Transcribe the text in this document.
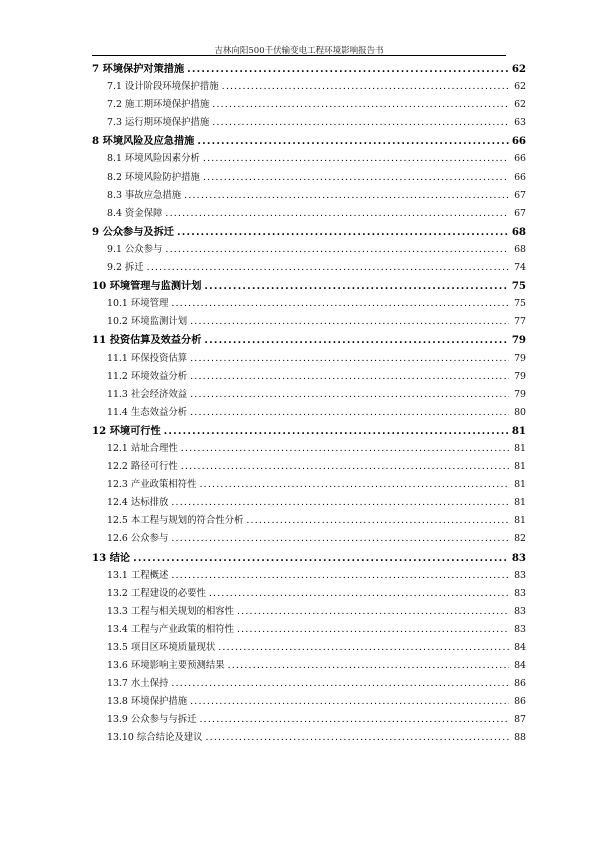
吉林向阳500千伏输变电工程环境影响报告书
7 环境保护对策措施 .....	62
7.1 设计阶段环境保护措施 .....	62
7.2 施工期环境保护措施 .....	62
7.3 运行期环境保护措施 .....	63
8 环境风险及应急措施 .....	66
8.1 环境风险因素分析 .....	66
8.2 环境风险防护措施 .....	66
8.3 事故应急措施 .....	67
8.4 资金保障 .....	67
9 公众参与及拆迁 .....	68
9.1 公众参与 .....	68
9.2 拆迁 .....	74
10 环境管理与监测计划 .....	75
10.1 环境管理 .....	75
10.2 环境监测计划 .....	77
11 投资估算及效益分析 .....	79
11.1 环保投资估算 .....	79
11.2 环境效益分析 .....	79
11.3 社会经济效益 .....	79
11.4 生态效益分析 .....	80
12 环境可行性 .....	81
12.1 站址合理性 .....	81
12.2 路径可行性 .....	81
12.3 产业政策相符性 .....	81
12.4 达标排放 .....	81
12.5 本工程与规划的符合性分析 .....	81
12.6 公众参与 .....	82
13 结论 .....	83
13.1 工程概述 .....	83
13.2 工程建设的必要性 .....	83
13.3 工程与相关规划的相容性 .....	83
13.4 工程与产业政策的相符性 .....	83
13.5 项目区环境质量现状 .....	84
13.6 环境影响主要预测结果 .....	84
13.7 水土保持 .....	86
13.8 环境保护措施 .....	86
13.9 公众参与与拆迁 .....	87
13.10 综合结论及建议 .....	88
